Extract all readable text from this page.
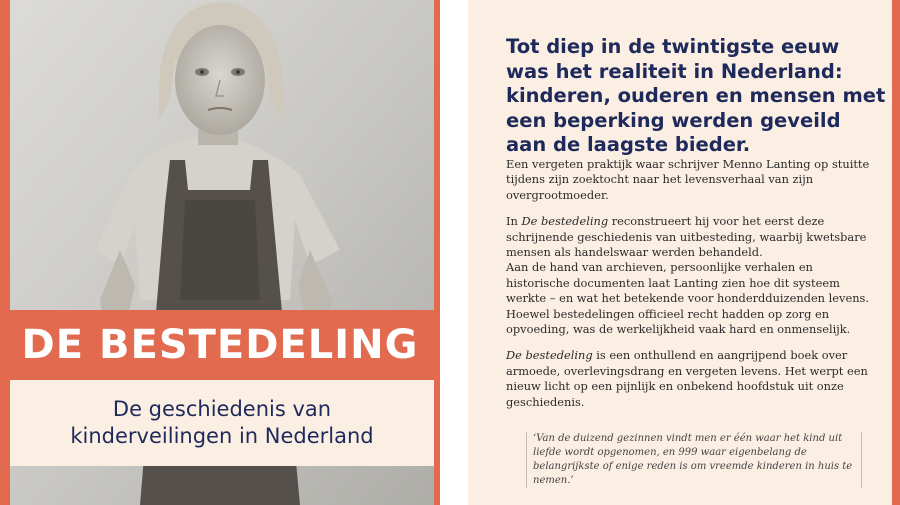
DE BESTEDELING
De geschiedenis van
kinderveilingen in Nederland
Tot diep in de twintigste eeuw was het realiteit in Nederland: kinderen, ouderen en mensen met een beperking werden geveild aan de laagste bieder.

Een vergeten praktijk waar schrijver Menno Lanting op stuitte tijdens zijn zoektocht naar het levensverhaal van zijn overgrootmoeder.

In De bestedeling reconstrueert hij voor het eerst deze schrijnende geschiedenis van uitbesteding, waarbij kwetsbare mensen als handelswaar werden behandeld.

Aan de hand van archieven, persoonlijke verhalen en historische documenten laat Lanting zien hoe dit systeem werkte – en wat het betekende voor honderdduizenden levens. Hoewel bestedelingen officieel recht hadden op zorg en opvoeding, was de werkelijkheid vaak hard en onmenselijk.

De bestedeling is een onthullend en aangrijpend boek over armoede, overlevingsdrang en vergeten levens. Het werpt een nieuw licht op een pijnlijk en onbekend hoofdstuk uit onze geschiedenis.

‘Van de duizend gezinnen vindt men er één waar het kind uit liefde wordt opgenomen, en 999 waar eigenbelang de belangrijkste of enige reden is om vreemde kinderen in huis te nemen.’
